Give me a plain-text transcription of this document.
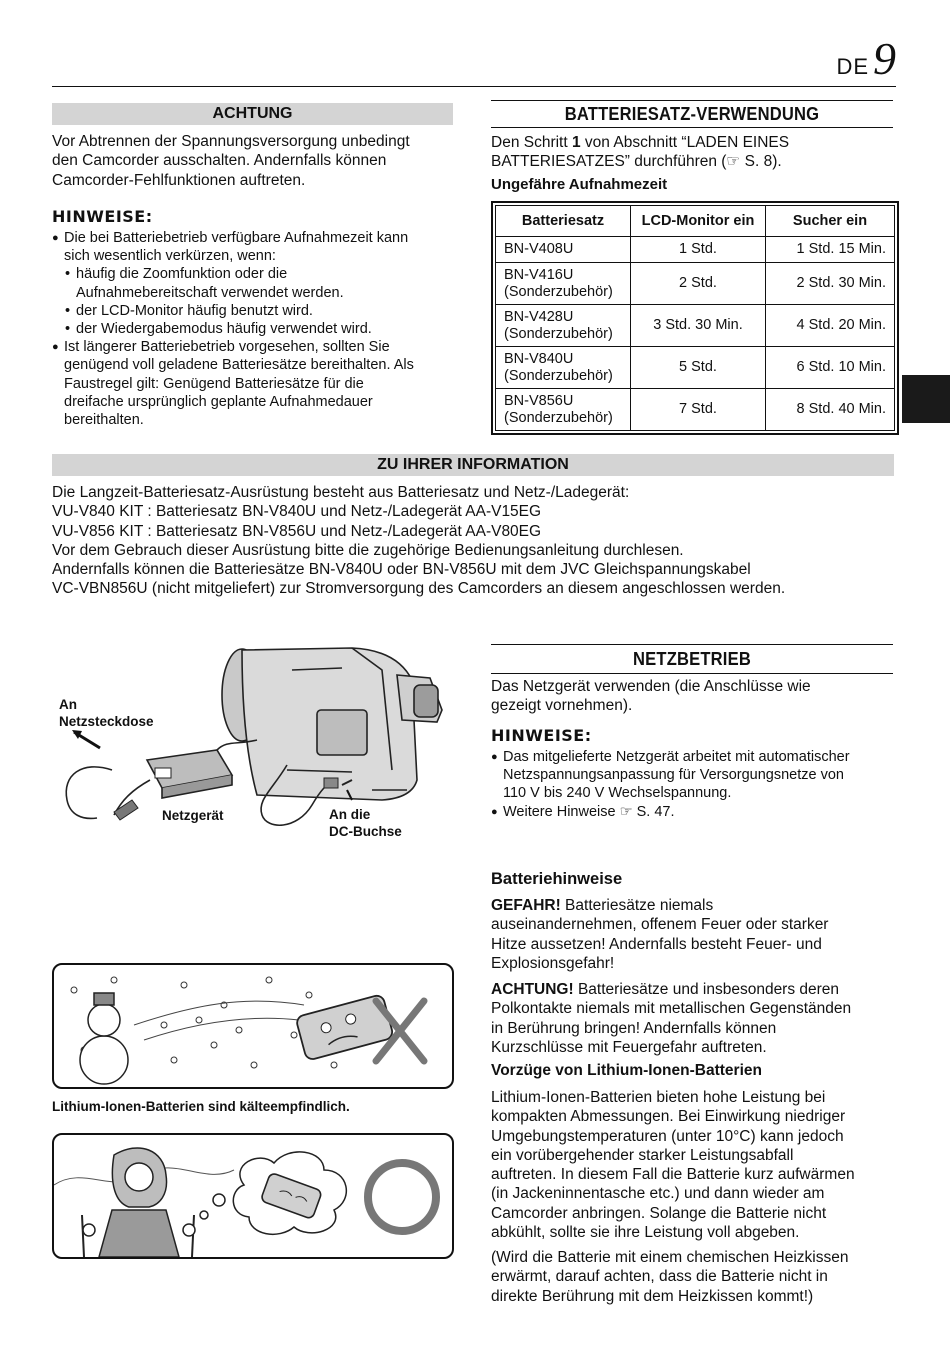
DE 9
ACHTUNG
Vor Abtrennen der Spannungsversorgung unbedingt
den Camcorder ausschalten. Andernfalls können
Camcorder-Fehlfunktionen auftreten.
HINWEISE:
● Die bei Batteriebetrieb verfügbare Aufnahmezeit kann
sich wesentlich verkürzen, wenn:
• häufig die Zoomfunktion oder die
Aufnahmebereitschaft verwendet werden.
• der LCD-Monitor häufig benutzt wird.
• der Wiedergabemodus häufig verwendet wird.
● Ist längerer Batteriebetrieb vorgesehen, sollten Sie
genügend voll geladene Batteriesätze bereithalten. Als
Faustregel gilt: Genügend Batteriesätze für die
dreifache ursprünglich geplante Aufnahmedauer
bereithalten.
BATTERIESATZ-VERWENDUNG
Den Schritt 1 von Abschnitt “LADEN EINES
BATTERIESATZES” durchführen (☞ S. 8).
Ungefähre Aufnahmezeit
Batteriesatz	LCD-Monitor ein	Sucher ein
BN-V408U	1 Std.	1 Std. 15 Min.

BN-V416U
(Sonderzubehör)	2 Std.	2 Std. 30 Min.

BN-V428U
(Sonderzubehör)	3 Std. 30 Min.	4 Std. 20 Min.

BN-V840U
(Sonderzubehör)	5 Std.	6 Std. 10 Min.

BN-V856U
(Sonderzubehör)	7 Std.	8 Std. 40 Min.
ZU IHRER INFORMATION
Die Langzeit-Batteriesatz-Ausrüstung besteht aus Batteriesatz und Netz-/Ladegerät:
VU-V840 KIT : Batteriesatz BN-V840U und Netz-/Ladegerät AA-V15EG
VU-V856 KIT : Batteriesatz BN-V856U und Netz-/Ladegerät AA-V80EG
Vor dem Gebrauch dieser Ausrüstung bitte die zugehörige Bedienungsanleitung durchlesen.
Andernfalls können die Batteriesätze BN-V840U oder BN-V856U mit dem JVC Gleichspannungskabel
VC-VBN856U (nicht mitgeliefert) zur Stromversorgung des Camcorders an diesem angeschlossen werden.
An
Netzsteckdose
Netzgerät	An die
DC-Buchse
NETZBETRIEB
Das Netzgerät verwenden (die Anschlüsse wie
gezeigt vornehmen).
HINWEISE:
● Das mitgelieferte Netzgerät arbeitet mit automatischer
Netzspannungsanpassung für Versorgungsnetze von
110 V bis 240 V Wechselspannung.
● Weitere Hinweise ☞ S. 47.
Lithium-Ionen-Batterien sind kälteempfindlich.
Batteriehinweise
GEFAHR! Batteriesätze niemals
auseinandernehmen, offenem Feuer oder starker
Hitze aussetzen! Andernfalls besteht Feuer- und
Explosionsgefahr!
ACHTUNG! Batteriesätze und insbesonders deren
Polkontakte niemals mit metallischen Gegenständen
in Berührung bringen! Andernfalls können
Kurzschlüsse mit Feuergefahr auftreten.
Vorzüge von Lithium-Ionen-Batterien
Lithium-Ionen-Batterien bieten hohe Leistung bei
kompakten Abmessungen. Bei Einwirkung niedriger
Umgebungstemperaturen (unter 10°C) kann jedoch
ein vorübergehender starker Leistungsabfall
auftreten. In diesem Fall die Batterie kurz aufwärmen
(in Jackeninnentasche etc.) und dann wieder am
Camcorder anbringen. Solange die Batterie nicht
abkühlt, sollte sie ihre Leistung voll abgeben.
(Wird die Batterie mit einem chemischen Heizkissen
erwärmt, darauf achten, dass die Batterie nicht in
direkte Berührung mit dem Heizkissen kommt!)
